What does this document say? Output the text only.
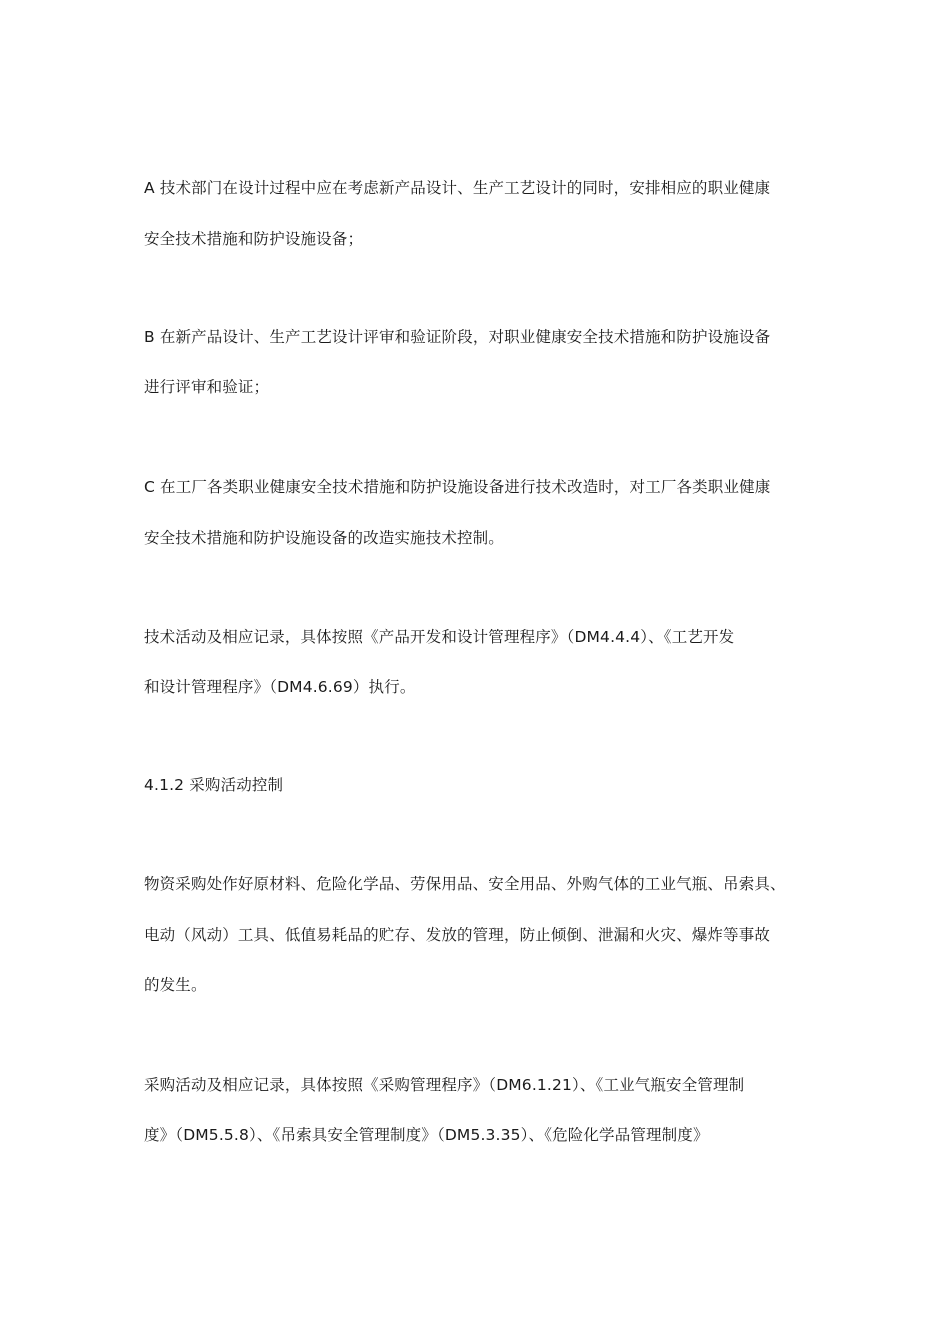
A 技术部门在设计过程中应在考虑新产品设计、生产工艺设计的同时，安排相应的职业健康
安全技术措施和防护设施设备；
B 在新产品设计、生产工艺设计评审和验证阶段，对职业健康安全技术措施和防护设施设备
进行评审和验证；
C 在工厂各类职业健康安全技术措施和防护设施设备进行技术改造时，对工厂各类职业健康
安全技术措施和防护设施设备的改造实施技术控制。
技术活动及相应记录，具体按照《产品开发和设计管理程序》（DM4.4.4）、《工艺开发
和设计管理程序》（DM4.6.69）执行。
4.1.2 采购活动控制
物资采购处作好原材料、危险化学品、劳保用品、安全用品、外购气体的工业气瓶、吊索具、
电动（风动）工具、低值易耗品的贮存、发放的管理，防止倾倒、泄漏和火灾、爆炸等事故
的发生。
采购活动及相应记录，具体按照《采购管理程序》（DM6.1.21）、《工业气瓶安全管理制
度》（DM5.5.8）、《吊索具安全管理制度》（DM5.3.35）、《危险化学品管理制度》
